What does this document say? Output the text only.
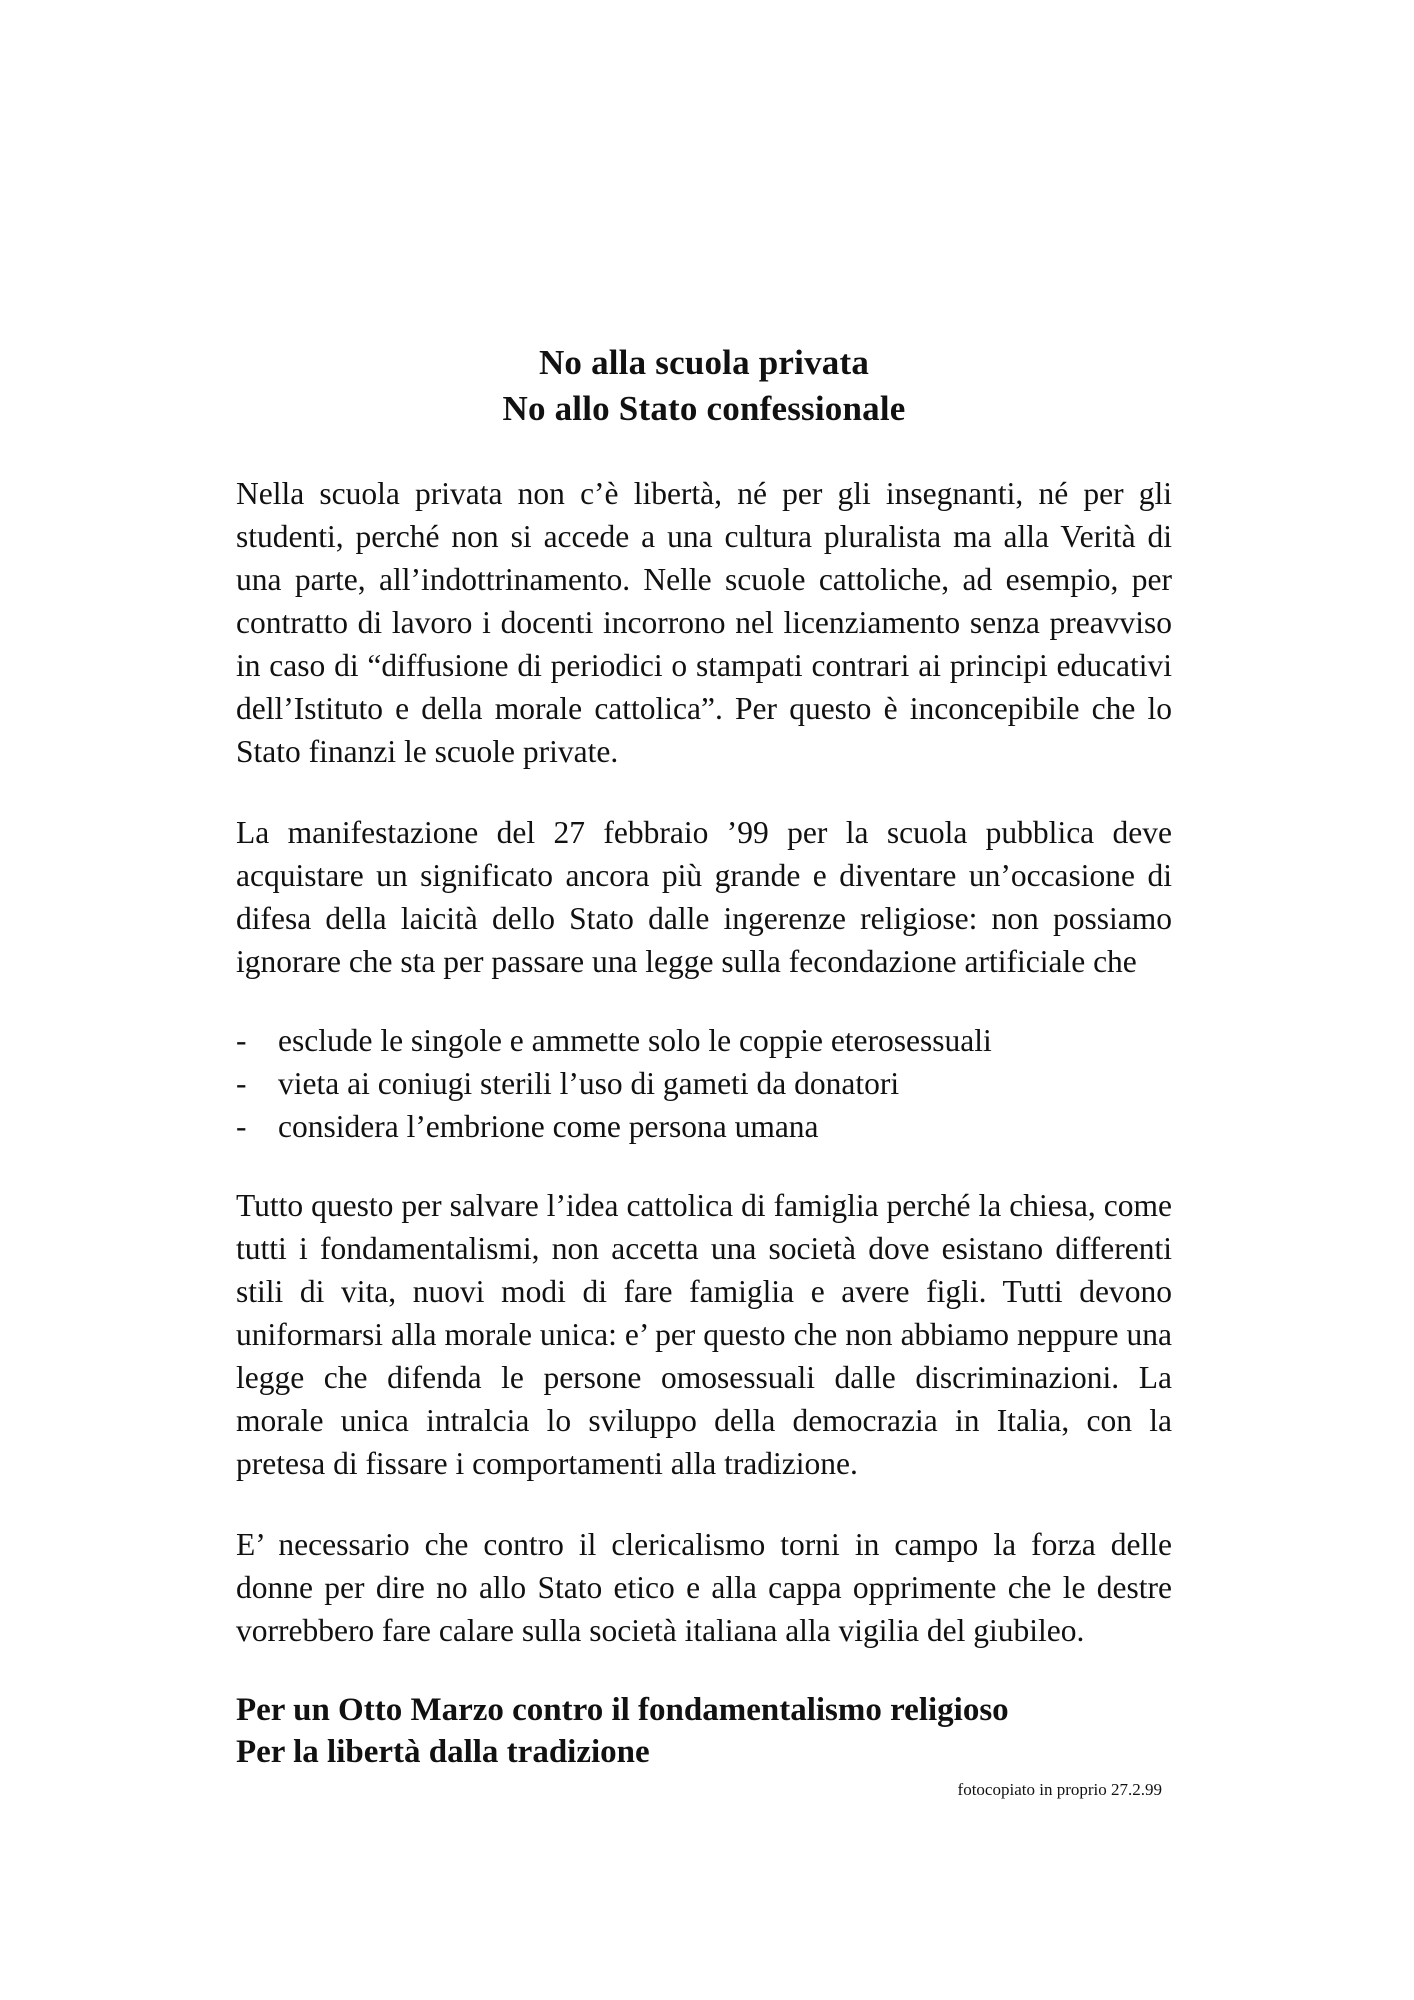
No alla scuola privata
No allo Stato confessionale

Nella scuola privata non c’è libertà, né per gli insegnanti, né per gli studenti, perché non si accede a una cultura pluralista ma alla Verità di una parte, all’indottrinamento. Nelle scuole cattoliche, ad esempio, per contratto di lavoro i docenti incorrono nel licenziamento senza preavviso in caso di “diffusione di periodici o stampati contrari ai principi educativi dell’Istituto e della morale cattolica”. Per questo è inconcepibile che lo Stato finanzi le scuole private.

La manifestazione del 27 febbraio ’99 per la scuola pubblica deve acquistare un significato ancora più grande e diventare un’occasione di difesa della laicità dello Stato dalle ingerenze religiose: non possiamo ignorare che sta per passare una legge sulla fecondazione artificiale che

-	esclude le singole e ammette solo le coppie eterosessuali
-	vieta ai coniugi sterili l’uso di gameti da donatori
-	considera l’embrione come persona umana

Tutto questo per salvare l’idea cattolica di famiglia perché la chiesa, come tutti i fondamentalismi, non accetta una società dove esistano differenti stili di vita, nuovi modi di fare famiglia e avere figli. Tutti devono uniformarsi alla morale unica: e’ per questo che non abbiamo neppure una legge che difenda le persone omosessuali dalle discriminazioni. La morale unica intralcia lo sviluppo della democrazia in Italia, con la pretesa di fissare i comportamenti alla tradizione.

E’ necessario che contro il clericalismo torni in campo la forza delle donne per dire no allo Stato etico e alla cappa opprimente che le destre vorrebbero fare calare sulla società italiana alla vigilia del giubileo.

Per un Otto Marzo contro il fondamentalismo religioso

Per la libertà dalla tradizione

fotocopiato in proprio 27.2.99
